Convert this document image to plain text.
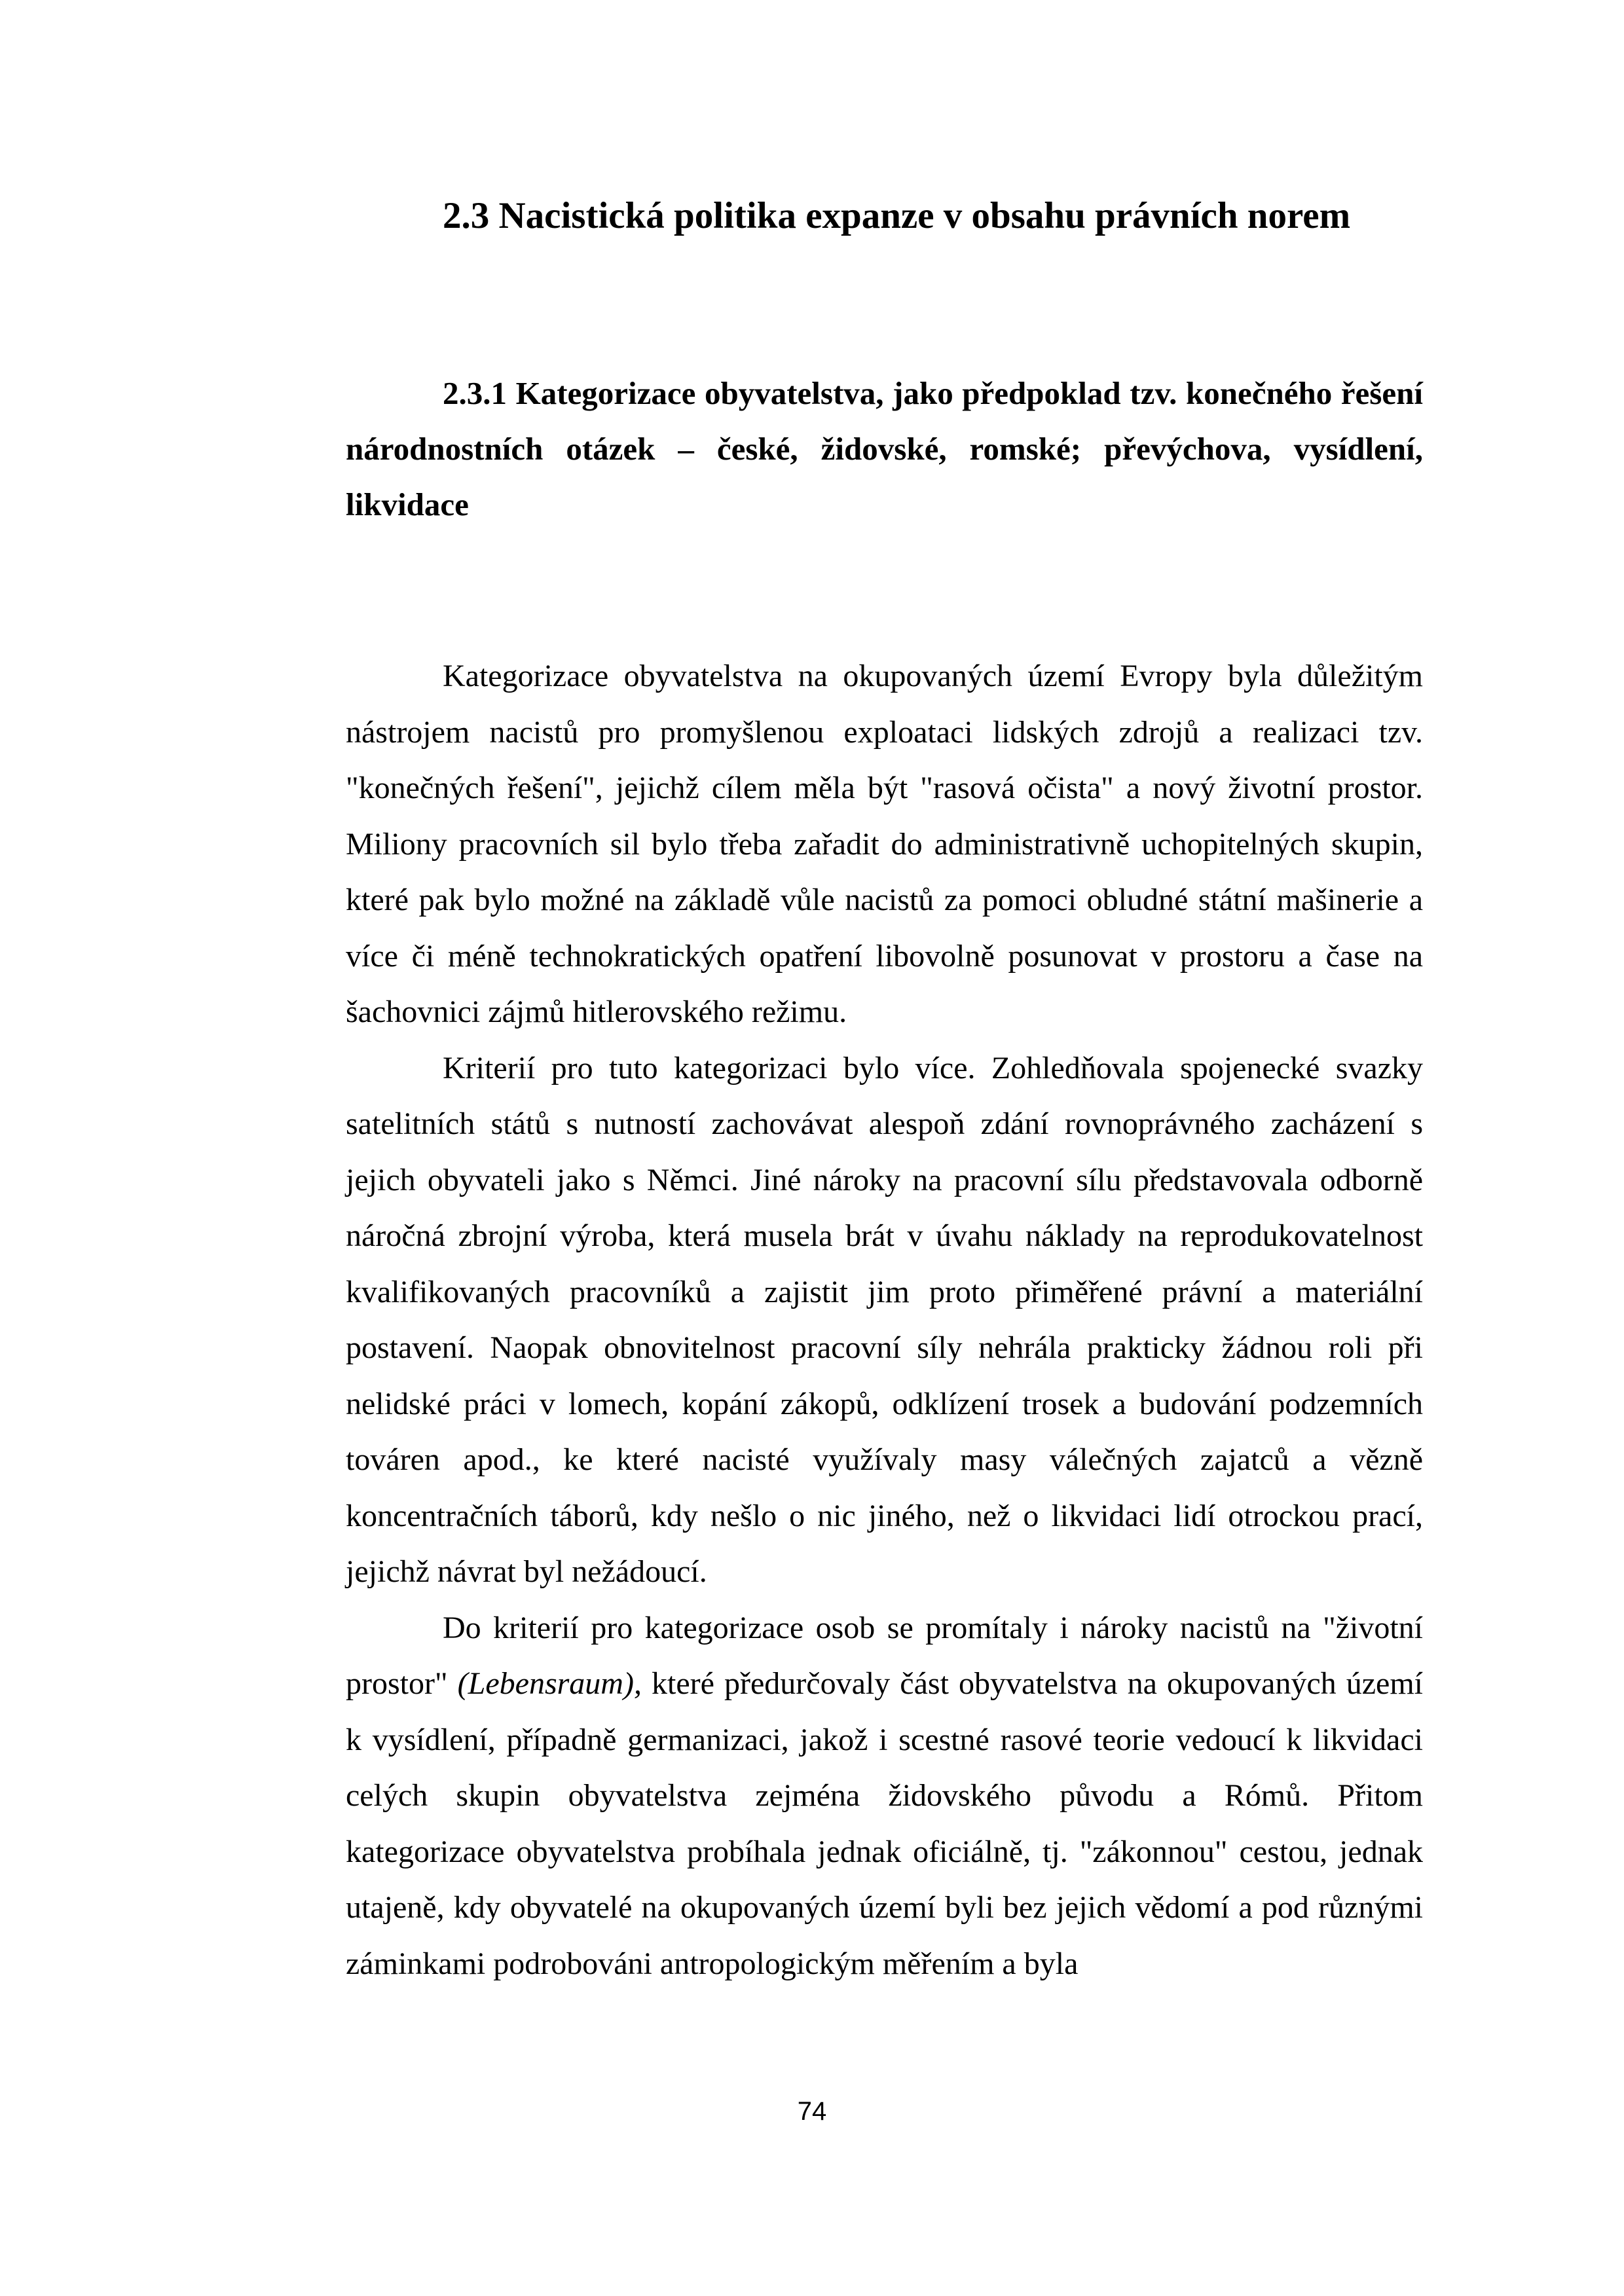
2.3 Nacistická politika expanze v obsahu právních norem
2.3.1 Kategorizace obyvatelstva, jako předpoklad tzv. konečného řešení národnostních otázek – české, židovské, romské; převýchova, vysídlení, likvidace

Kategorizace obyvatelstva na okupovaných území Evropy byla důležitým nástrojem nacistů pro promyšlenou exploataci lidských zdrojů a realizaci tzv. "konečných řešení", jejichž cílem měla být "rasová očista" a nový životní prostor. Miliony pracovních sil bylo třeba zařadit do administrativně uchopitelných skupin, které pak bylo možné na základě vůle nacistů za pomoci obludné státní mašinerie a více či méně technokratických opatření libovolně posunovat v prostoru a čase na šachovnici zájmů hitlerovského režimu.

Kriterií pro tuto kategorizaci bylo více. Zohledňovala spojenecké svazky satelitních států s nutností zachovávat alespoň zdání rovnoprávného zacházení s jejich obyvateli jako s Němci. Jiné nároky na pracovní sílu představovala odborně náročná zbrojní výroba, která musela brát v úvahu náklady na reprodukovatelnost kvalifikovaných pracovníků a zajistit jim proto přiměřené právní a materiální postavení. Naopak obnovitelnost pracovní síly nehrála prakticky žádnou roli při nelidské práci v lomech, kopání zákopů, odklízení trosek a budování podzemních továren apod., ke které nacisté využívaly masy válečných zajatců a vězně koncentračních táborů, kdy nešlo o nic jiného, než o likvidaci lidí otrockou prací, jejichž návrat byl nežádoucí.

Do kriterií pro kategorizace osob se promítaly i nároky nacistů na "životní prostor" (Lebensraum), které předurčovaly část obyvatelstva na okupovaných území k vysídlení, případně germanizaci, jakož i scestné rasové teorie vedoucí k likvidaci celých skupin obyvatelstva zejména židovského původu a Rómů. Přitom kategorizace obyvatelstva probíhala jednak oficiálně, tj. "zákonnou" cestou, jednak utajeně, kdy obyvatelé na okupovaných území byli bez jejich vědomí a pod různými záminkami podrobováni antropologickým měřením a byla

74
